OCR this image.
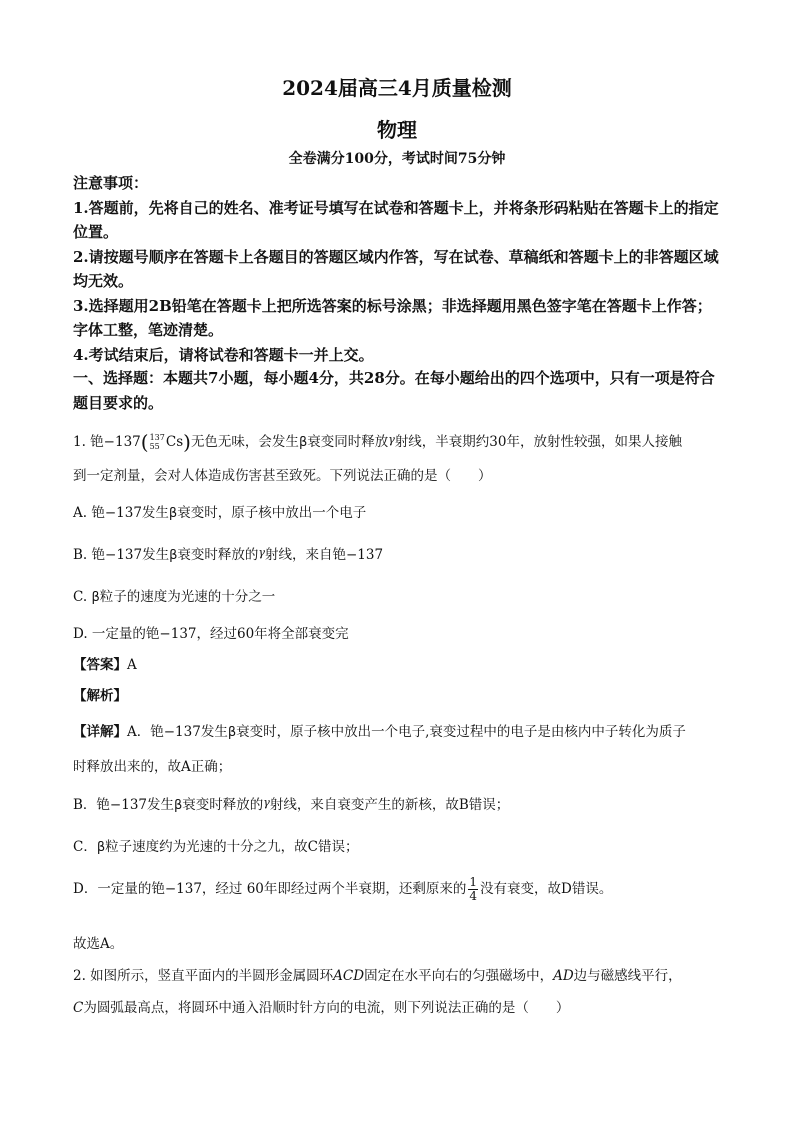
2024届高三4月质量检测
物理
全卷满分100分，考试时间75分钟
注意事项：
1.答题前，先将自己的姓名、准考证号填写在试卷和答题卡上，并将条形码粘贴在答题卡上的指定位置。
2.请按题号顺序在答题卡上各题目的答题区域内作答，写在试卷、草稿纸和答题卡上的非答题区域均无效。
3.选择题用2B铅笔在答题卡上把所选答案的标号涂黑；非选择题用黑色签字笔在答题卡上作答；字体工整，笔迹清楚。
4.考试结束后，请将试卷和答题卡一并上交。
一、选择题：本题共7小题，每小题4分，共28分。在每小题给出的四个选项中，只有一项是符合题目要求的。
1. 铯 −137 ( 137
55 Cs ) 无色无味，会发生β衰变同时释放$^\gamma$射线，半衰期约30年，放射性较强，如果人接触
到一定剂量，会对人体造成伤害甚至致死。下列说法正确的是（　　）
A. 铯−137发生β衰变时，原子核中放出一个电子
B. 铯−137发生β衰变时释放的$^\gamma$射线，来自铯−137
C. β粒子的速度为光速的十分之一
D. 一定量的铯−137，经过60年将全部衰变完
【答案】A
【解析】
【详解】A．铯−137发生β衰变时，原子核中放出一个电子,衰变过程中的电子是由核内中子转化为质子
时释放出来的，故A正确；
B．铯−137发生β衰变时释放的$^\gamma$射线，来自衰变产生的新核，故B错误；
C．β粒子速度约为光速的十分之九，故C错误；
D．一定量的铯−137，经过 60年即经过两个半衰期，还剩原来的 $\frac{1}{4}$ 没有衰变，故D错误。
故选A。
2. 如图所示，竖直平面内的半圆形金属圆环ACD固定在水平向右的匀强磁场中，AD边与磁感线平行，
C为圆弧最高点，将圆环中通入沿顺时针方向的电流，则下列说法正确的是（　　）
